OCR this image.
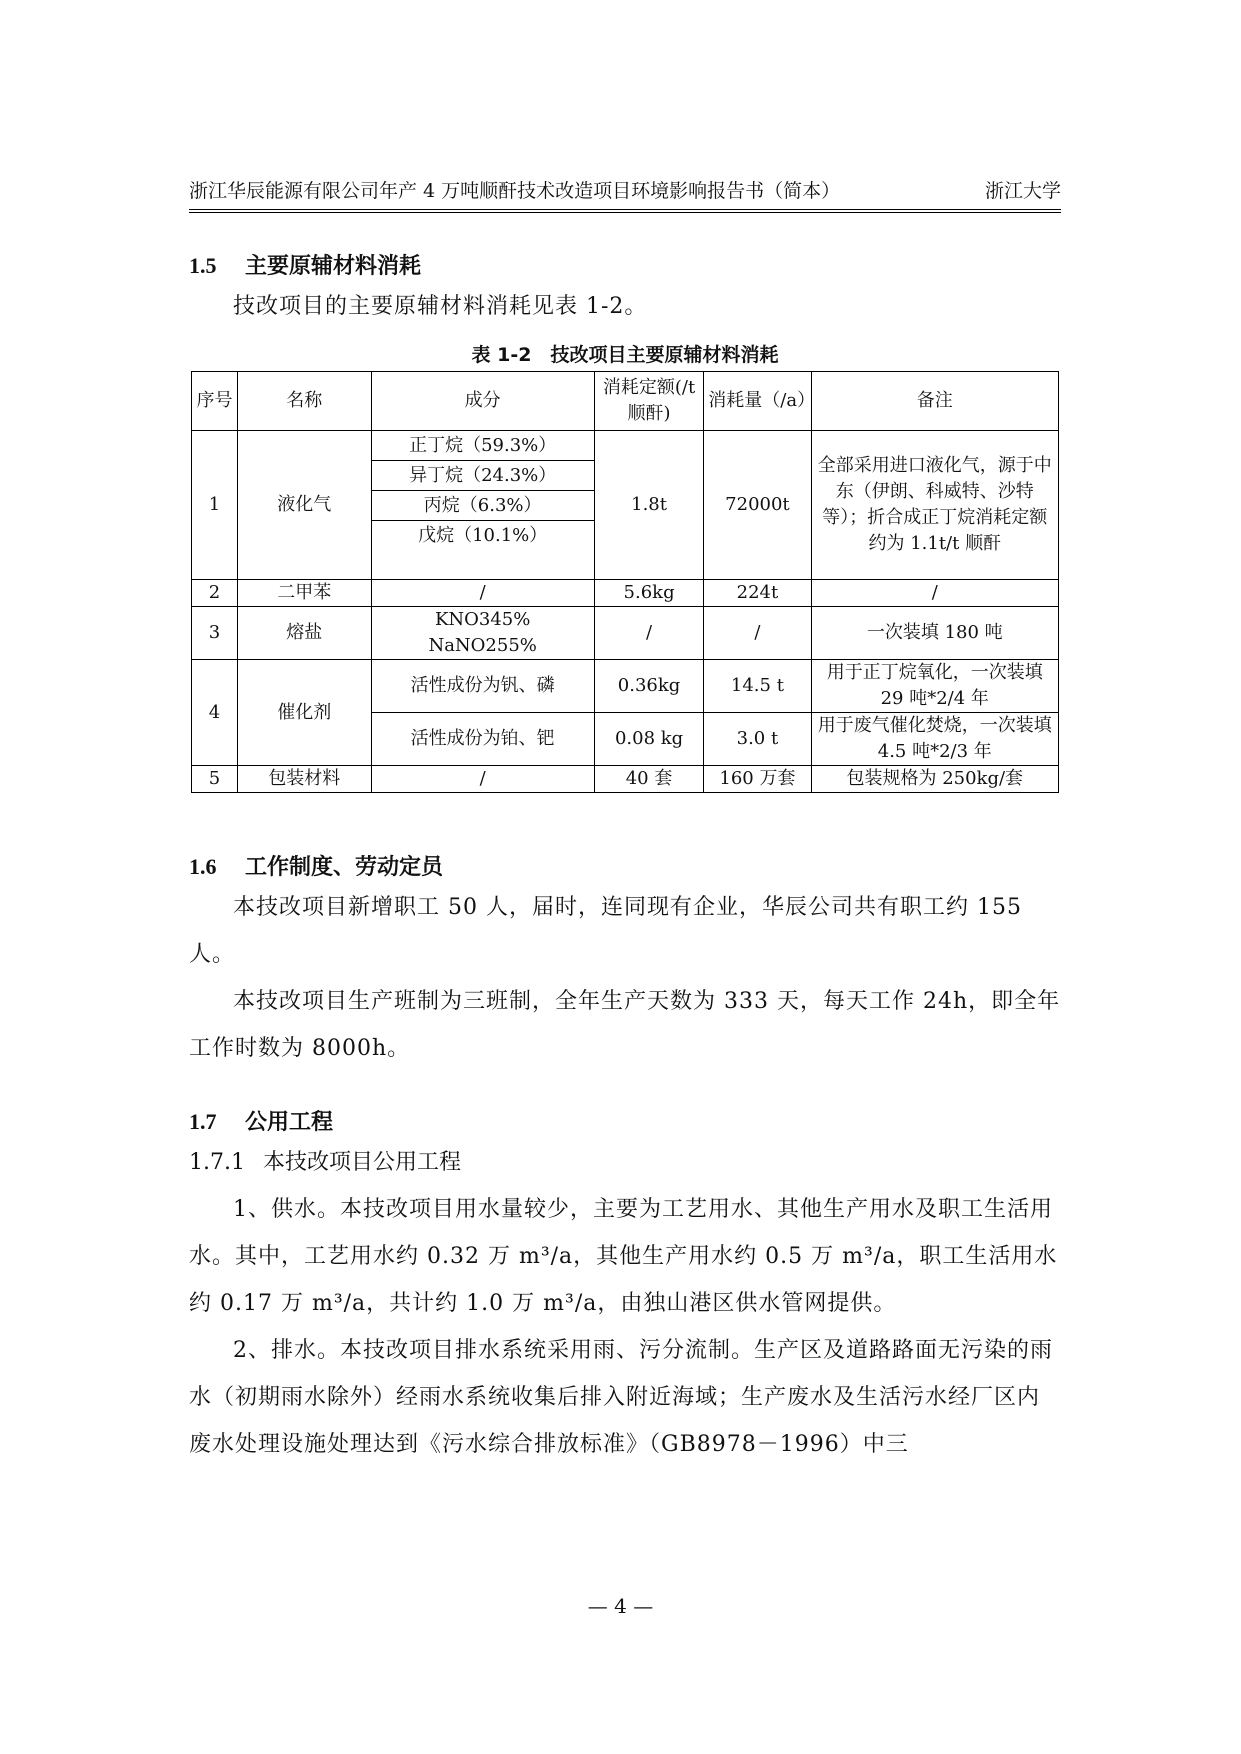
浙江华辰能源有限公司年产 4 万吨顺酐技术改造项目环境影响报告书（简本）	浙江大学
1.5 主要原辅材料消耗

技改项目的主要原辅材料消耗见表 1-2。

表 1-2　技改项目主要原辅材料消耗
序号	名称	成分	消耗定额(/t 顺酐)	消耗量（/a）	备注
1	液化气	正丁烷（59.3%）
异丁烷（24.3%）
丙烷（6.3%）
戊烷（10.1%）	1.8t	72000t	全部采用进口液化气，源于中东（伊朗、科威特、沙特等）；折合成正丁烷消耗定额约为 1.1t/t 顺酐
2	二甲苯	/	5.6kg	224t	/
3	熔盐	KNO345%
NaNO255%	/	/	一次装填 180 吨
4	催化剂	活性成份为钒、磷	0.36kg	14.5 t	用于正丁烷氧化，一次装填 29 吨*2/4 年
		活性成份为铂、钯	0.08 kg	3.0 t	用于废气催化焚烧，一次装填 4.5 吨*2/3 年
5	包装材料	/	40 套	160 万套	包装规格为 250kg/套
1.6 工作制度、劳动定员

本技改项目新增职工 50 人，届时，连同现有企业，华辰公司共有职工约 155 人。

本技改项目生产班制为三班制，全年生产天数为 333 天，每天工作 24h，即全年工作时数为 8000h。

1.7 公用工程
1.7.1 本技改项目公用工程

1、供水。本技改项目用水量较少，主要为工艺用水、其他生产用水及职工生活用水。其中，工艺用水约 0.32 万 m³/a，其他生产用水约 0.5 万 m³/a，职工生活用水约 0.17 万 m³/a，共计约 1.0 万 m³/a，由独山港区供水管网提供。

2、排水。本技改项目排水系统采用雨、污分流制。生产区及道路路面无污染的雨水（初期雨水除外）经雨水系统收集后排入附近海域；生产废水及生活污水经厂区内废水处理设施处理达到《污水综合排放标准》（GB8978－1996）中三

— 4 —
